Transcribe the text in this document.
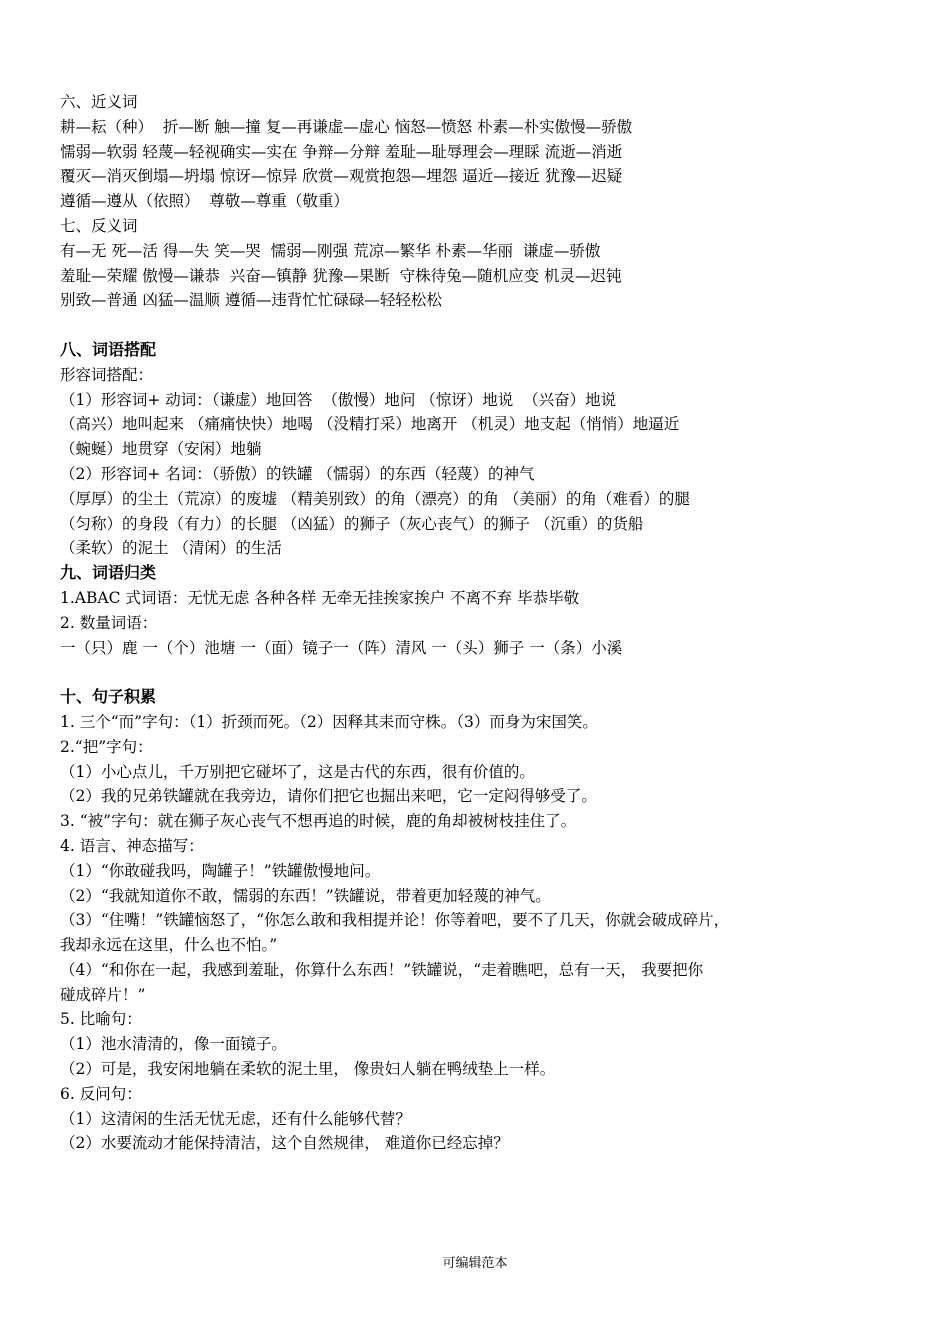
六、近义词
耕—耘（种）  折—断 触—撞 复—再谦虚—虚心 恼怒—愤怒 朴素—朴实傲慢—骄傲
懦弱—软弱 轻蔑—轻视确实—实在 争辩—分辩 羞耻—耻辱理会—理睬 流逝—消逝
覆灭—消灭倒塌—坍塌 惊讶—惊异 欣赏—观赏抱怨—埋怨 逼近—接近 犹豫—迟疑
遵循—遵从（依照）  尊敬—尊重（敬重）
七、反义词
有—无 死—活 得—失 笑—哭  懦弱—刚强 荒凉—繁华 朴素—华丽  谦虚—骄傲
羞耻—荣耀 傲慢—谦恭  兴奋—镇静 犹豫—果断  守株待兔—随机应变 机灵—迟钝
别致—普通 凶猛—温顺 遵循—违背忙忙碌碌—轻轻松松
八、词语搭配
形容词搭配：
（1）形容词+ 动词：（谦虚）地回答  （傲慢）地问 （惊讶）地说  （兴奋）地说
（高兴）地叫起来 （痛痛快快）地喝 （没精打采）地离开 （机灵）地支起（悄悄）地逼近
（蜿蜒）地贯穿（安闲）地躺
（2）形容词+ 名词：（骄傲）的铁罐 （懦弱）的东西（轻蔑）的神气
（厚厚）的尘土（荒凉）的废墟 （精美别致）的角（漂亮）的角 （美丽）的角（难看）的腿
（匀称）的身段（有力）的长腿 （凶猛）的狮子（灰心丧气）的狮子 （沉重）的货船
（柔软）的泥土 （清闲）的生活
九、词语归类
1.ABAC 式词语：无忧无虑 各种各样 无牵无挂挨家挨户 不离不弃 毕恭毕敬
2. 数量词语：
一（只）鹿 一（个）池塘 一（面）镜子一（阵）清风 一（头）狮子 一（条）小溪
十、句子积累
1. 三个“而”字句：（1）折颈而死。（2）因释其耒而守株。（3）而身为宋国笑。
2.“把”字句：
（1）小心点儿，千万别把它碰坏了，这是古代的东西，很有价值的。
（2）我的兄弟铁罐就在我旁边，请你们把它也掘出来吧，它一定闷得够受了。
3. “被”字句：就在狮子灰心丧气不想再追的时候，鹿的角却被树枝挂住了。
4. 语言、神态描写：
（1）“你敢碰我吗，陶罐子！”铁罐傲慢地问。
（2）“我就知道你不敢，懦弱的东西！”铁罐说，带着更加轻蔑的神气。
（3）“住嘴！”铁罐恼怒了，“你怎么敢和我相提并论！你等着吧，要不了几天，你就会破成碎片，
我却永远在这里，什么也不怕。”
（4）“和你在一起，我感到羞耻，你算什么东西！”铁罐说，“走着瞧吧，总有一天， 我要把你
碰成碎片！”
5. 比喻句：
（1）池水清清的，像一面镜子。
（2）可是，我安闲地躺在柔软的泥土里， 像贵妇人躺在鸭绒垫上一样。
6. 反问句：
（1）这清闲的生活无忧无虑，还有什么能够代替？
（2）水要流动才能保持清洁，这个自然规律， 难道你已经忘掉？
可编辑范本
